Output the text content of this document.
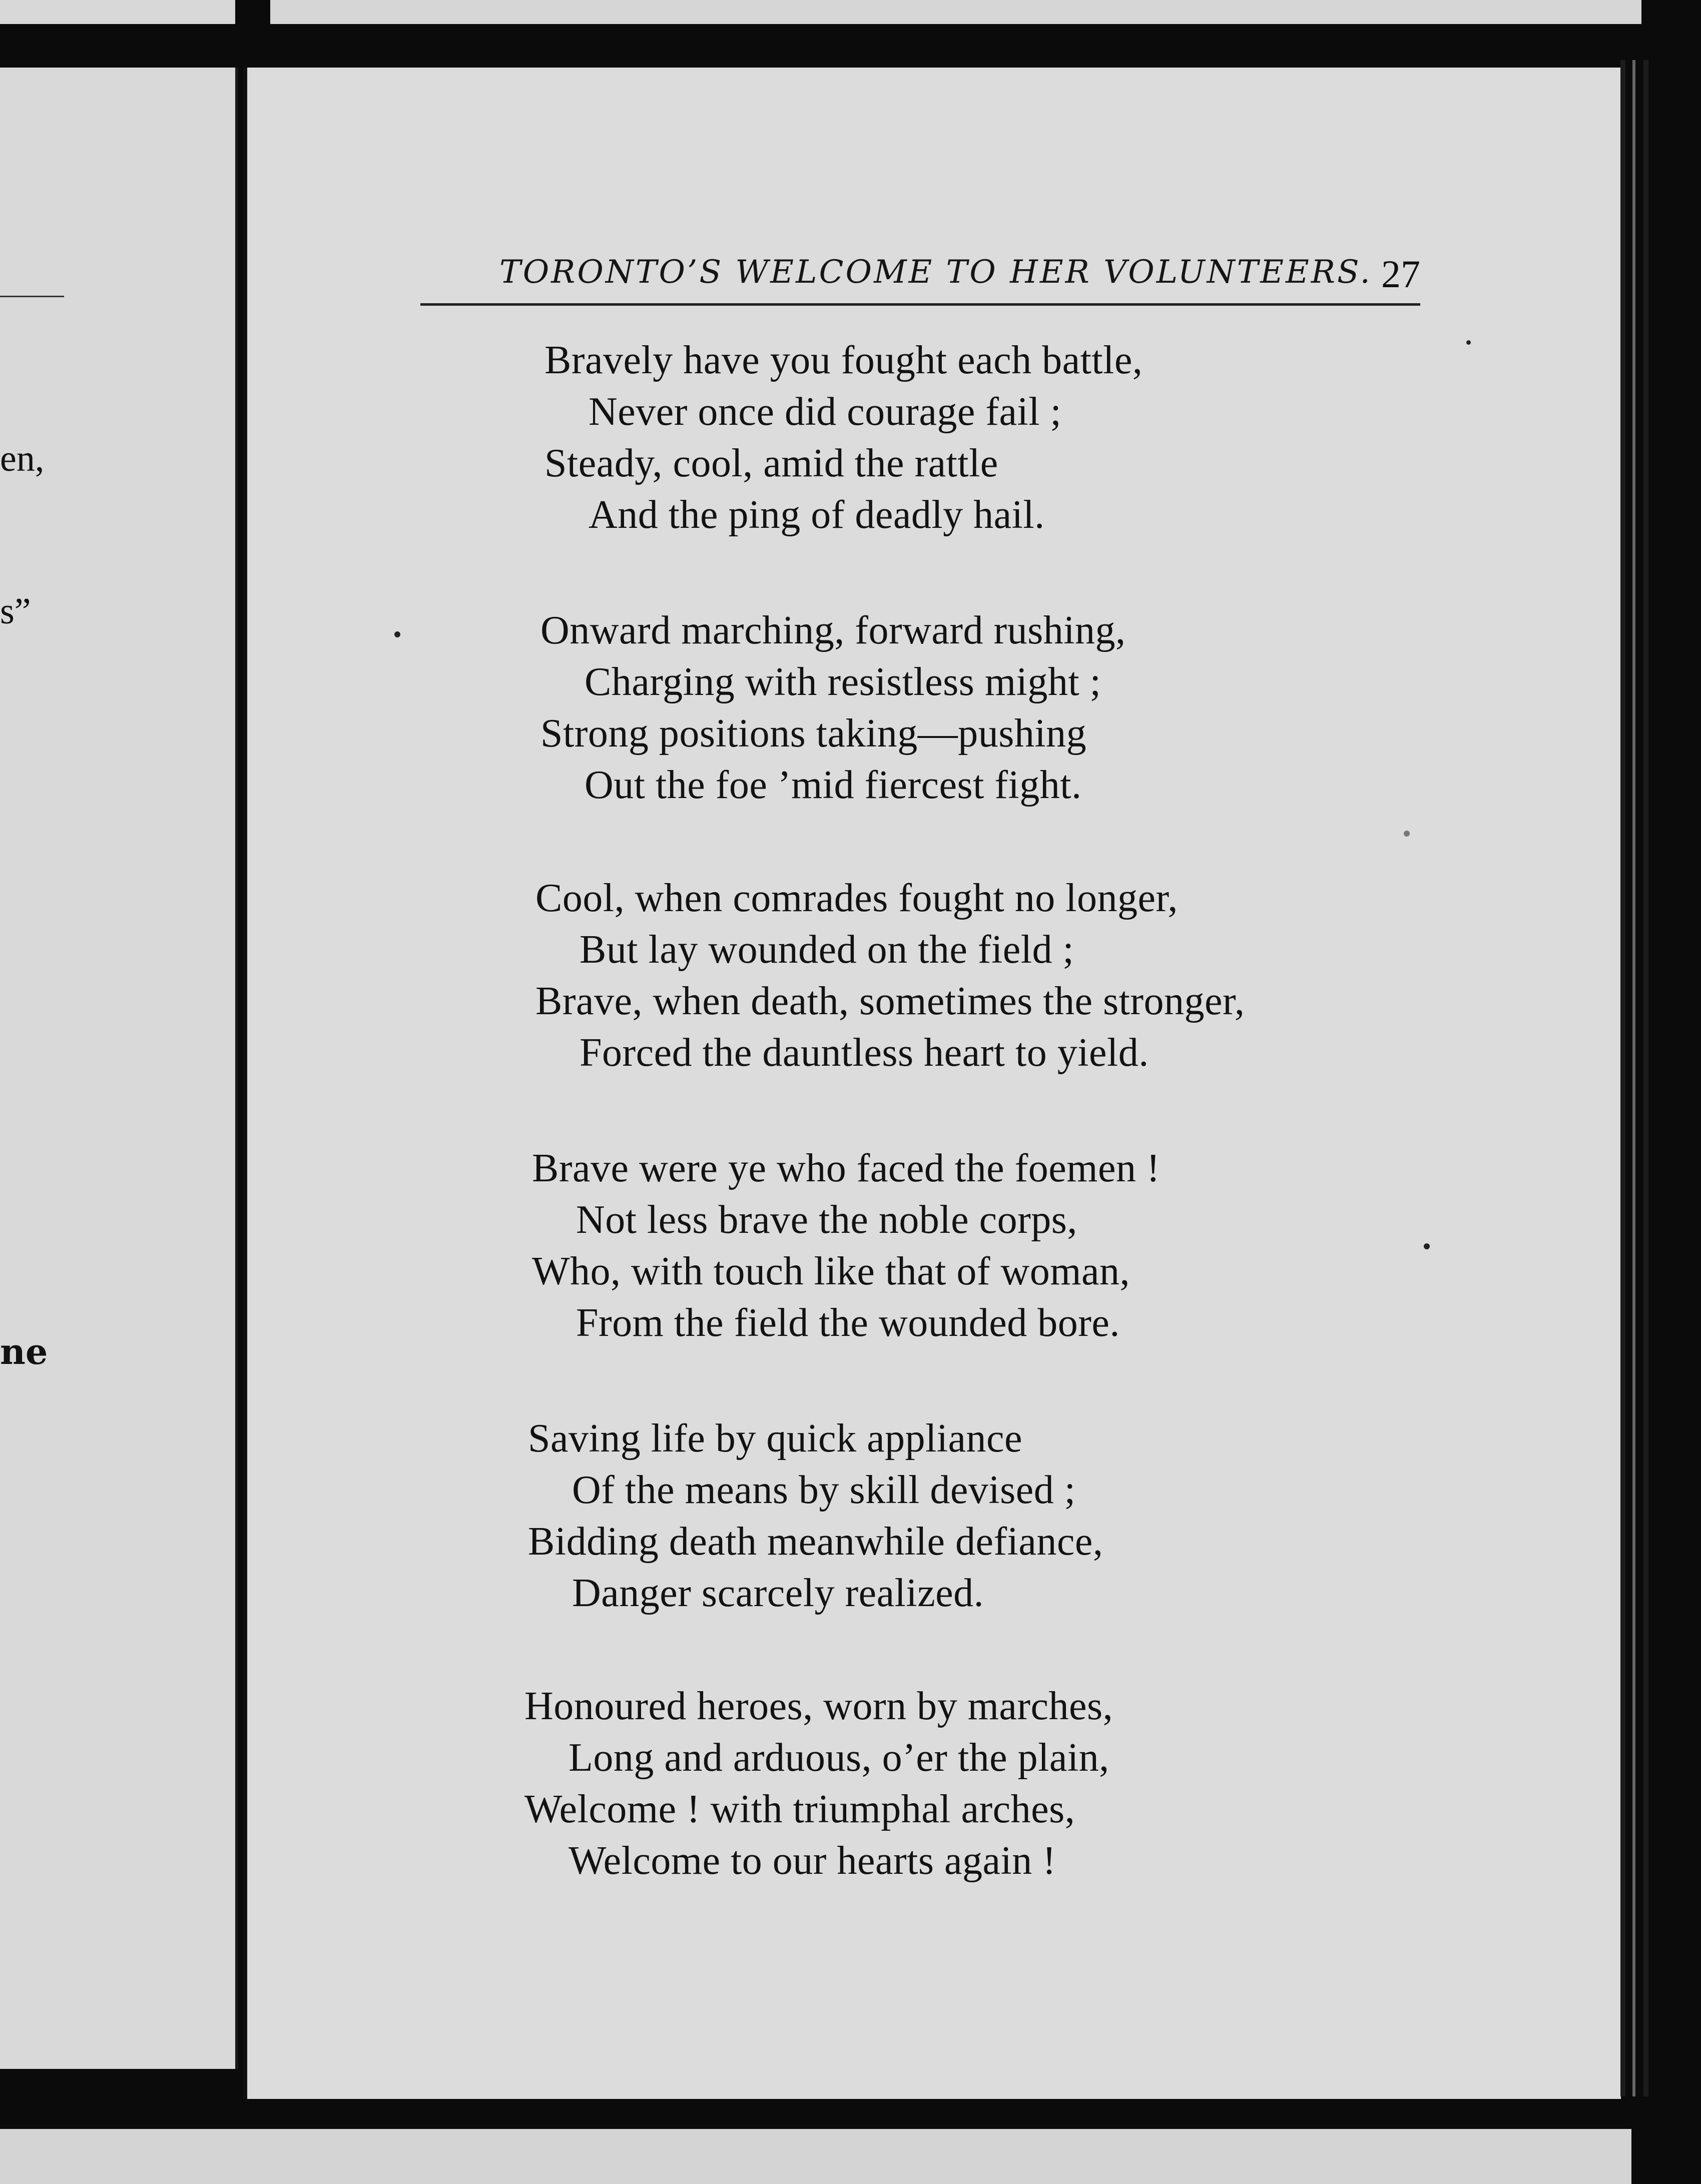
en,
s”
ne
TORONTO’S WELCOME TO HER VOLUNTEERS. 27
Bravely have you fought each battle,
Never once did courage fail ;
Steady, cool, amid the rattle
And the ping of deadly hail.
Onward marching, forward rushing,
Charging with resistless might ;
Strong positions taking—pushing
Out the foe ’mid fiercest fight.
Cool, when comrades fought no longer,
But lay wounded on the field ;
Brave, when death, sometimes the stronger,
Forced the dauntless heart to yield.
Brave were ye who faced the foemen !
Not less brave the noble corps,
Who, with touch like that of woman,
From the field the wounded bore.
Saving life by quick appliance
Of the means by skill devised ;
Bidding death meanwhile defiance,
Danger scarcely realized.
Honoured heroes, worn by marches,
Long and arduous, o’er the plain,
Welcome ! with triumphal arches,
Welcome to our hearts again !
